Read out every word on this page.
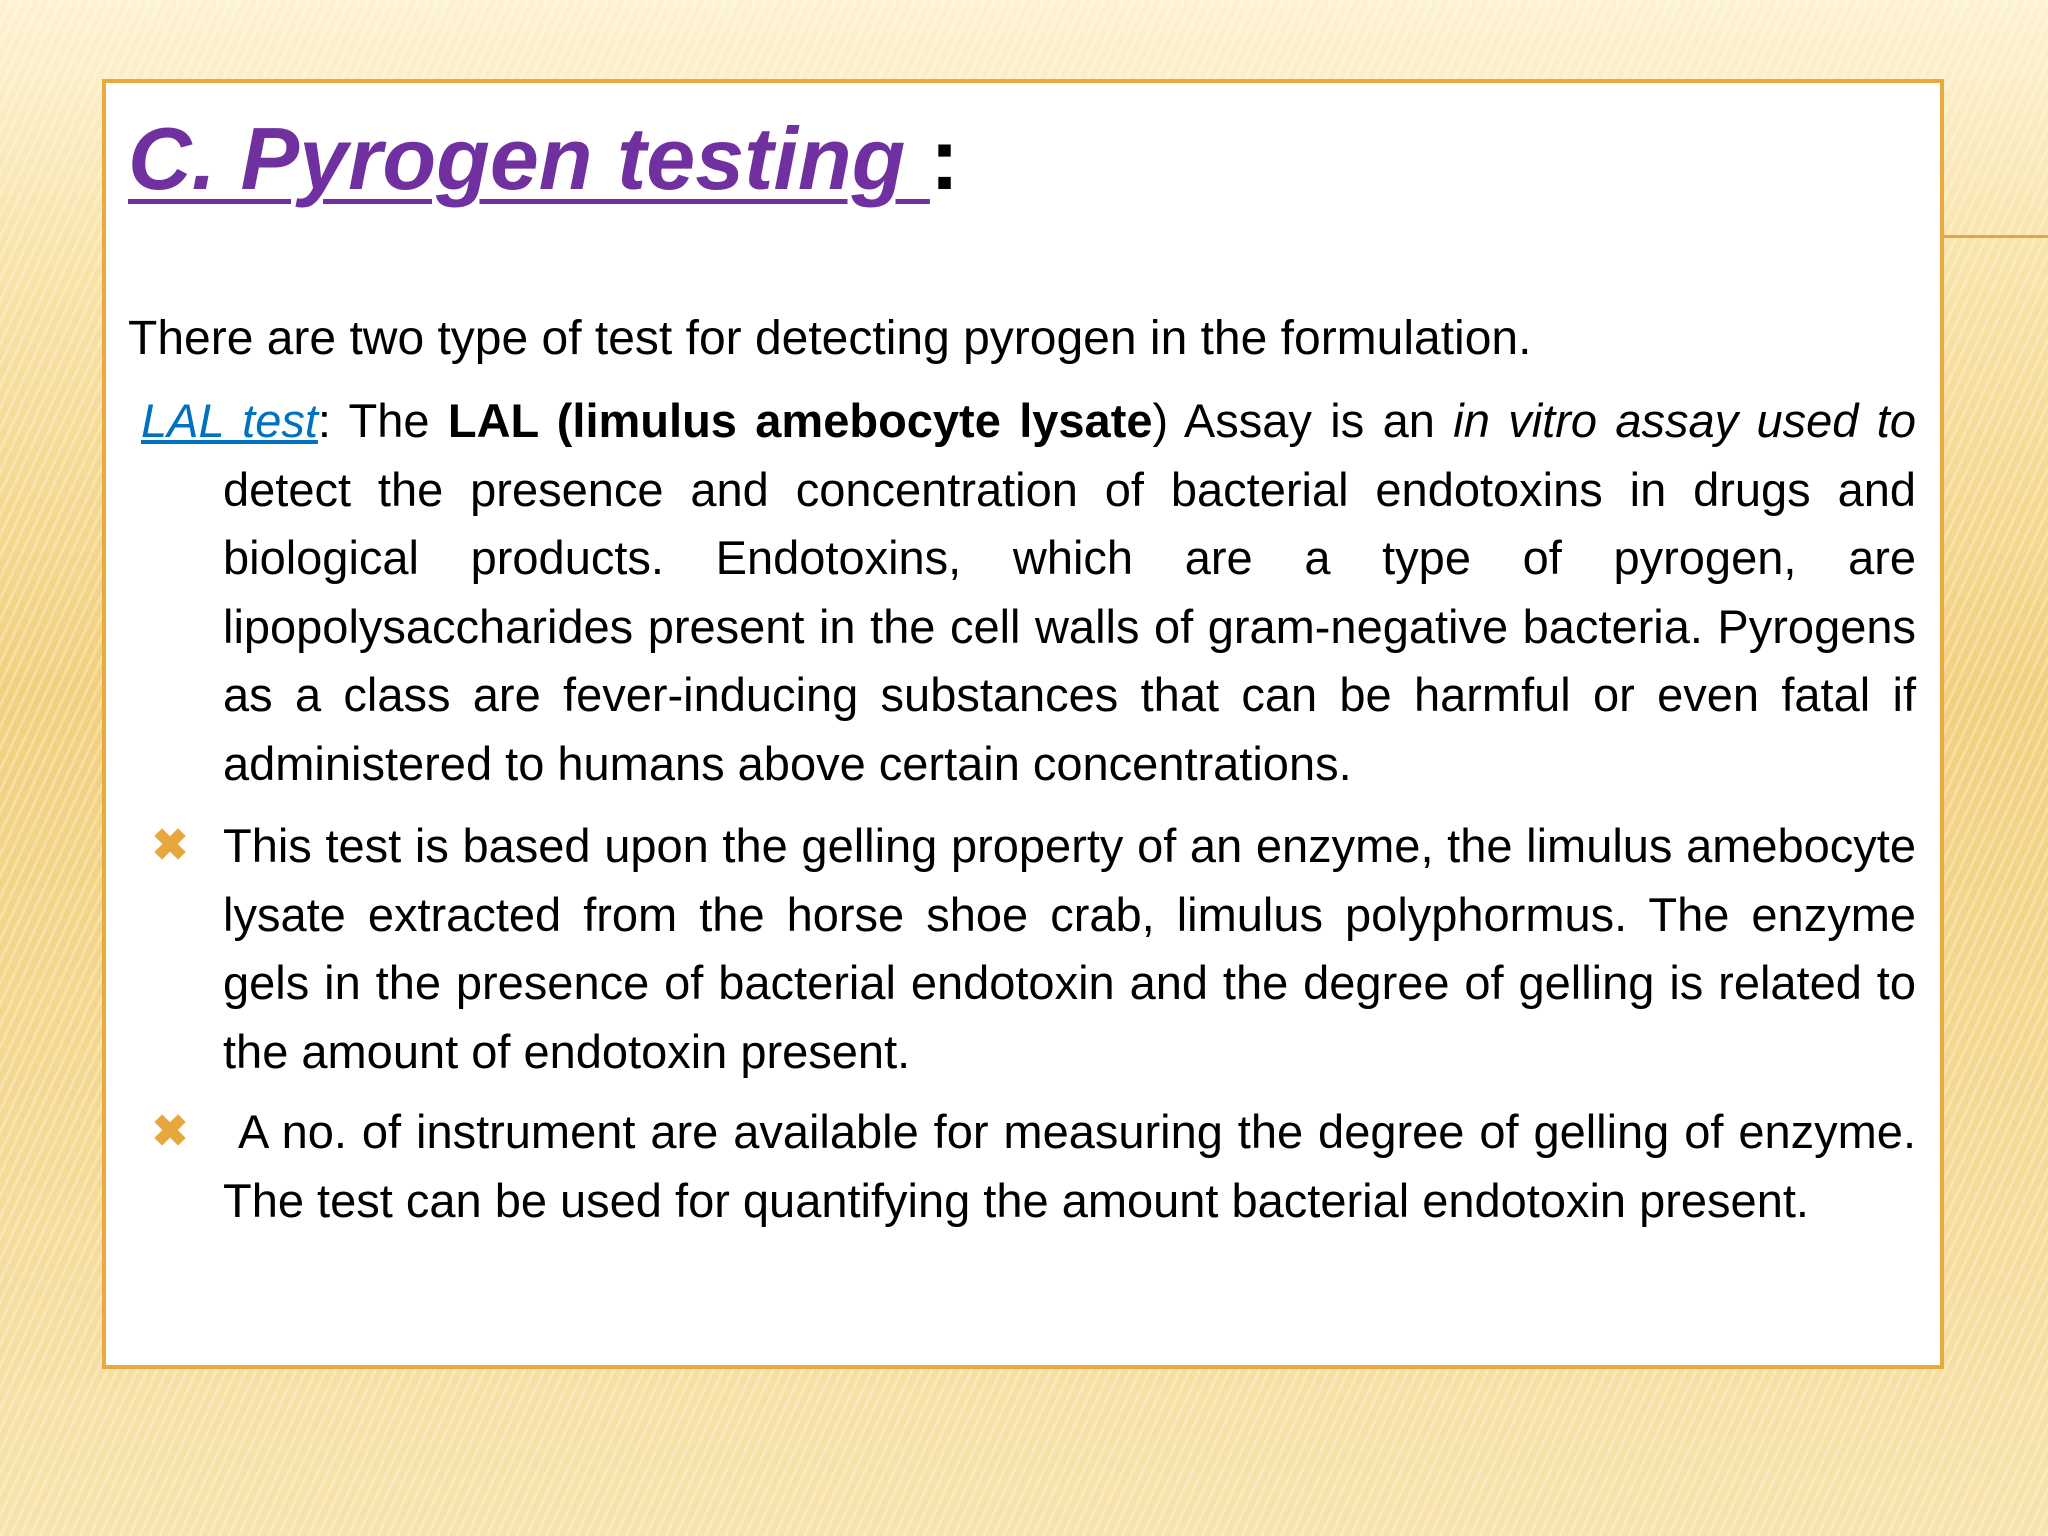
C. Pyrogen testing :
There are two type of test for detecting pyrogen in the formulation.

LAL test: The LAL (limulus amebocyte lysate) Assay is an in vitro assay used to detect the presence and concentration of bacterial endotoxins in drugs and biological products. Endotoxins, which are a type of pyrogen, are lipopolysaccharides present in the cell walls of gram-negative bacteria. Pyrogens as a class are fever-inducing substances that can be harmful or even fatal if administered to humans above certain concentrations.

✖ This test is based upon the gelling property of an enzyme, the limulus amebocyte lysate extracted from the horse shoe crab, limulus polyphormus. The enzyme gels in the presence of bacterial endotoxin and the degree of gelling is related to the amount of endotoxin present.
✖ A no. of instrument are available for measuring the degree of gelling of enzyme. The test can be used for quantifying the amount bacterial endotoxin present.
